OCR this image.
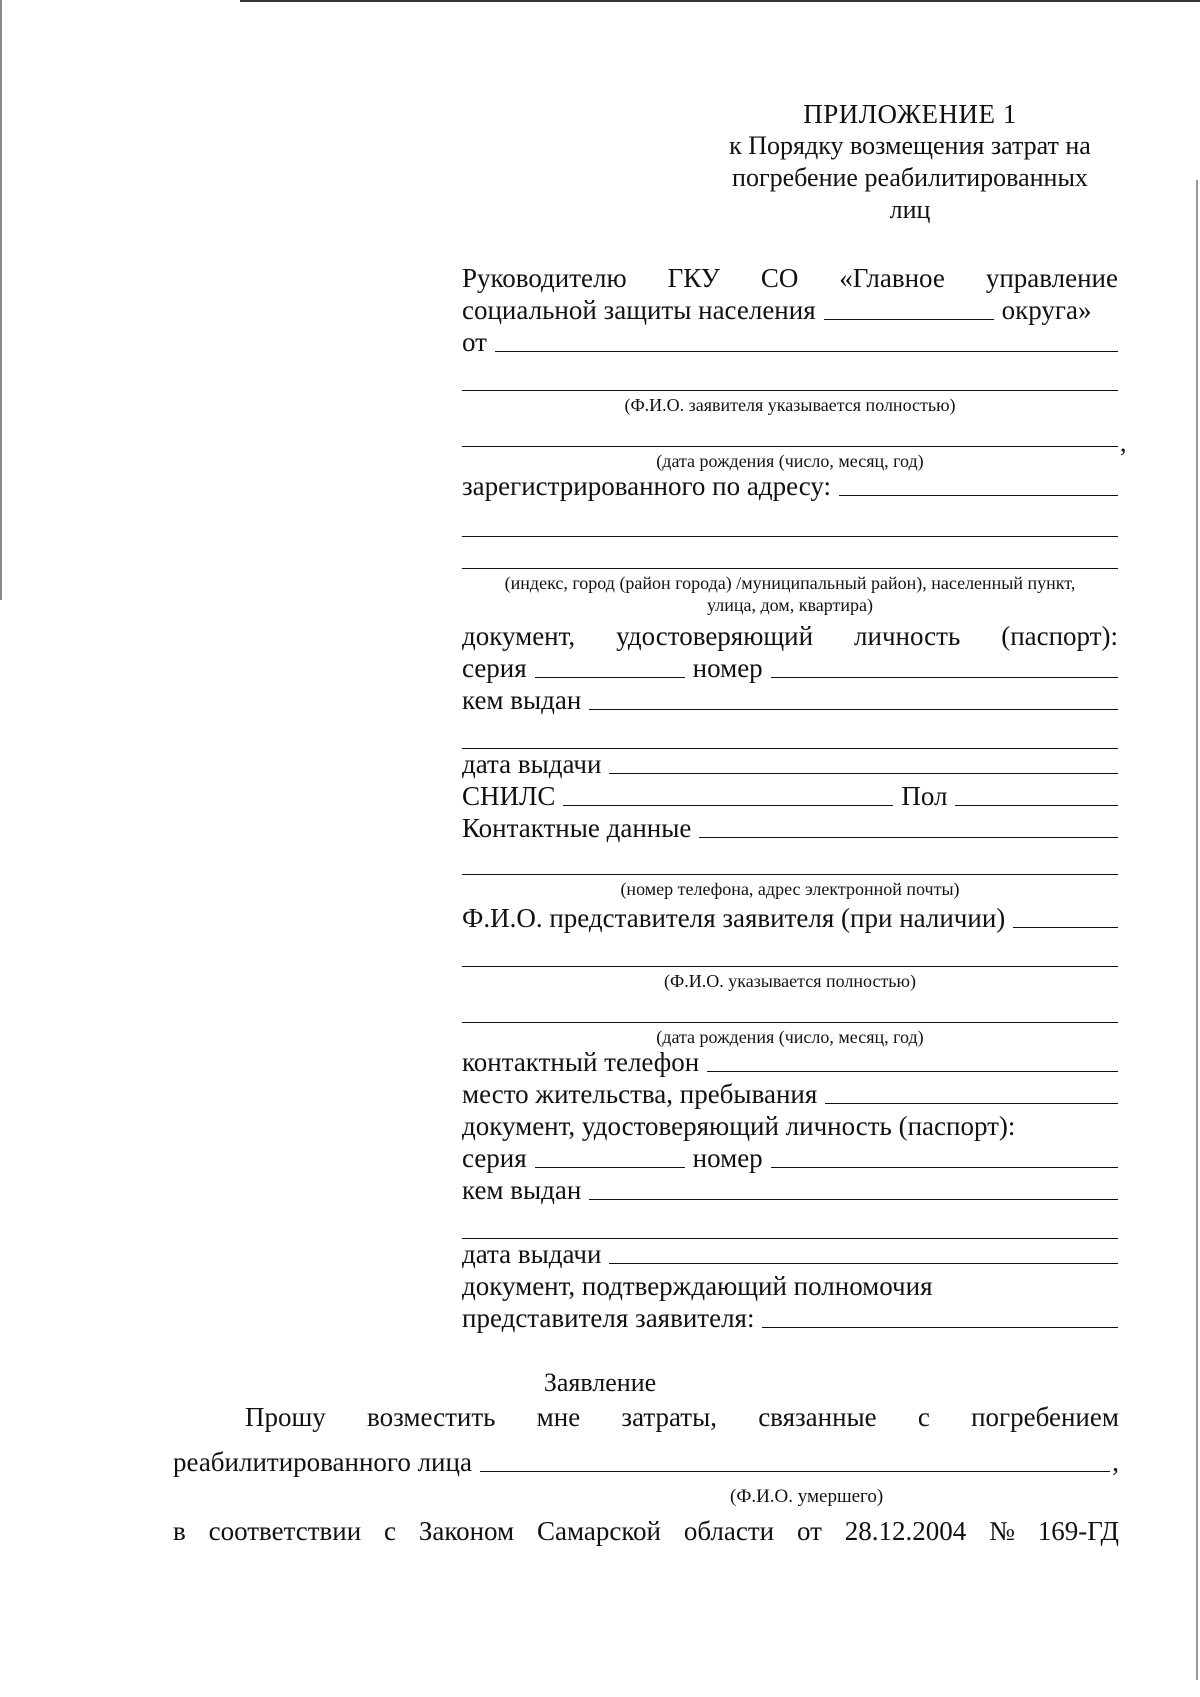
ПРИЛОЖЕНИЕ 1
к Порядку возмещения затрат на
погребение реабилитированных
лиц
Руководителю ГКУ СО «Главное управление
социальной защиты населения	округа»
от
(Ф.И.О. заявителя указывается полностью)
,
(дата рождения (число, месяц, год)
зарегистрированного по адресу:
(индекс, город (район города) /муниципальный район), населенный пункт,
улица, дом, квартира)
документ, удостоверяющий личность (паспорт):
серия	номер
кем выдан
дата выдачи
СНИЛС	Пол
Контактные данные
(номер телефона, адрес электронной почты)
Ф.И.О. представителя заявителя (при наличии)
(Ф.И.О. указывается полностью)
(дата рождения (число, месяц, год)
контактный телефон
место жительства, пребывания
документ, удостоверяющий личность (паспорт):
серия	номер
кем выдан
дата выдачи
документ, подтверждающий полномочия
представителя заявителя:
Заявление
Прошу возместить мне затраты, связанные с погребением
реабилитированного лица	,
(Ф.И.О. умершего)
в соответствии с Законом Самарской области от 28.12.2004 № 169-ГД
